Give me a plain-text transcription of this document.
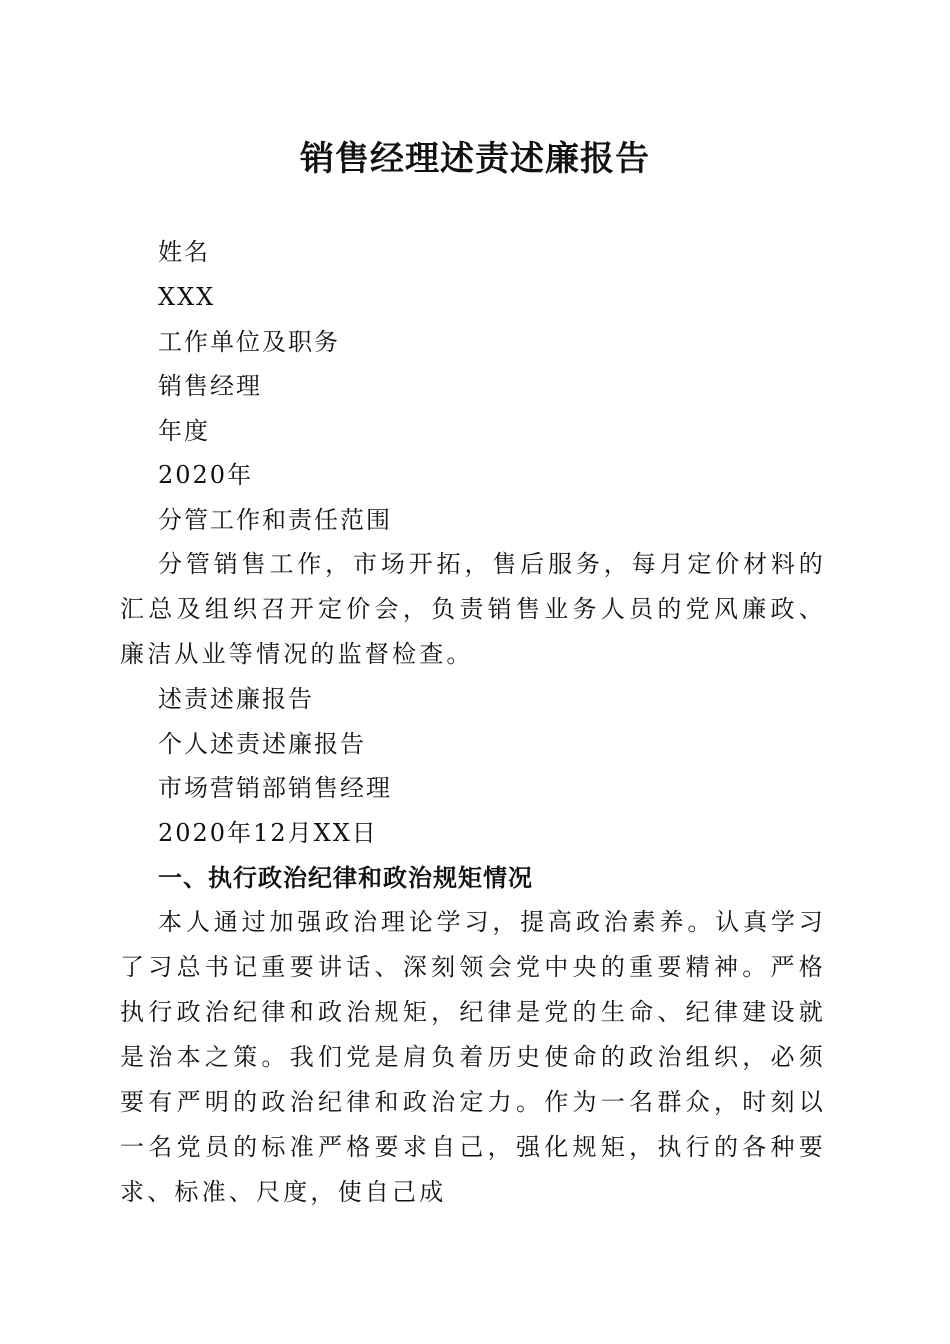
销售经理述责述廉报告
姓名
XXX
工作单位及职务
销售经理
年度
2020年
分管工作和责任范围

分管销售工作，市场开拓，售后服务，每月定价材料的汇总及组织召开定价会，负责销售业务人员的党风廉政、廉洁从业等情况的监督检查。

述责述廉报告
个人述责述廉报告
市场营销部销售经理
2020年12月XX日
一、执行政治纪律和政治规矩情况

本人通过加强政治理论学习，提高政治素养。认真学习了习总书记重要讲话、深刻领会党中央的重要精神。严格执行政治纪律和政治规矩，纪律是党的生命、纪律建设就是治本之策。我们党是肩负着历史使命的政治组织，必须要有严明的政治纪律和政治定力。作为一名群众，时刻以一名党员的标准严格要求自己，强化规矩，执行的各种要求、标准、尺度，使自己成
